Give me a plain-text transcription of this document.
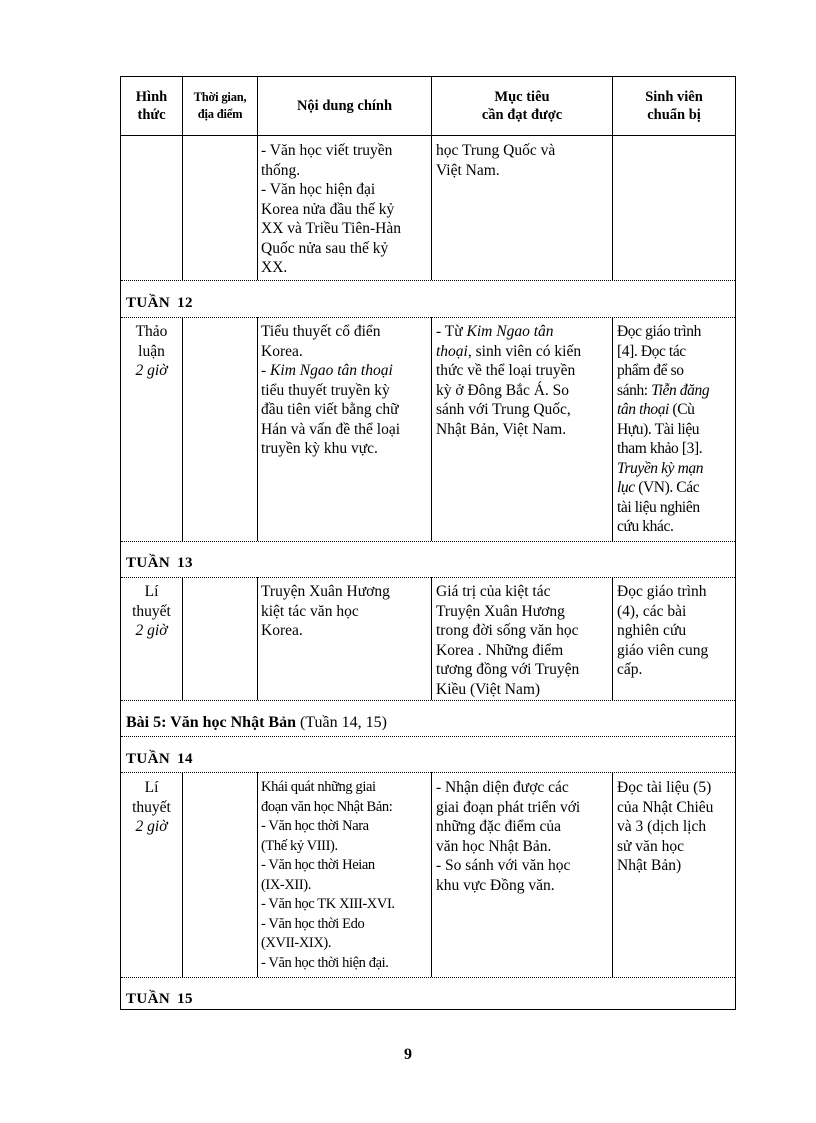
Hình
thức
Thời gian,
địa điểm	Nội dung chính
Mục tiêu
cần đạt được
Sinh viên
chuẩn bị
- Văn học viết truyền
thống.
- Văn học hiện đại
Korea nửa đầu thế kỷ
XX và Triều Tiên-Hàn
Quốc nửa sau thế kỷ
XX.
học Trung Quốc và
Việt Nam.
TUẦN 12
Thảo
luận
2 giờ
Tiểu thuyết cổ điển
Korea.
- Kim Ngao tân thoại
tiểu thuyết truyền kỳ
đầu tiên viết bằng chữ
Hán và vấn đề thể loại
truyền kỳ khu vực.
- Từ Kim Ngao tân
thoại, sinh viên có kiến
thức về thể loại truyền
kỳ ở Đông Bắc Á. So
sánh với Trung Quốc,
Nhật Bản, Việt Nam.
Đọc giáo trình
[4]. Đọc tác
phẩm để so
sánh: Tiễn đăng
tân thoại (Cù
Hựu). Tài liệu
tham khảo [3].
Truyền kỳ mạn
lục (VN). Các
tài liệu nghiên
cứu khác.
TUẦN 13
Lí
thuyết
2 giờ
Truyện Xuân Hương
kiệt tác văn học
Korea.
Giá trị của kiệt tác
Truyện Xuân Hương
trong đời sống văn học
Korea . Những điểm
tương đồng với Truyện
Kiều (Việt Nam)
Đọc giáo trình
(4), các bài
nghiên cứu
giáo viên cung
cấp.
Bài 5: Văn học Nhật Bản (Tuần 14, 15)
TUẦN 14
Lí
thuyết
2 giờ
Khái quát những giai
đoạn văn học Nhật Bản:
- Văn học thời Nara
(Thế kỷ VIII).
- Văn học thời Heian
(IX-XII).
- Văn học TK XIII-XVI.
- Văn học thời Edo
(XVII-XIX).
- Văn học thời hiện đại.
- Nhận diện được các
giai đoạn phát triển với
những đặc điểm của
văn học Nhật Bản.
- So sánh với văn học
khu vực Đồng văn.
Đọc tài liệu (5)
của Nhật Chiêu
và 3 (dịch lịch
sử văn học
Nhật Bản)
TUẦN 15
9
